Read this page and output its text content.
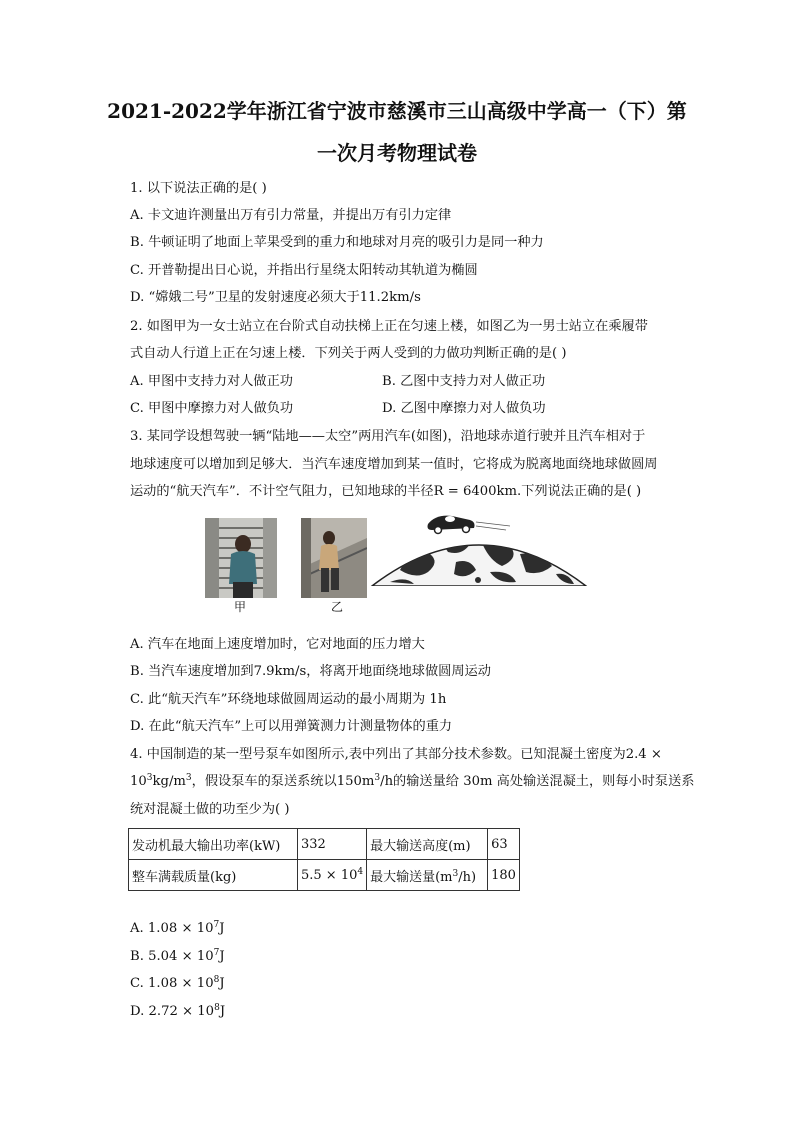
2021-2022学年浙江省宁波市慈溪市三山高级中学高一（下）第
一次月考物理试卷
1. 以下说法正确的是( )
A. 卡文迪许测量出万有引力常量，并提出万有引力定律
B. 牛顿证明了地面上苹果受到的重力和地球对月亮的吸引力是同一种力
C. 开普勒提出日心说，并指出行星绕太阳转动其轨道为椭圆
D. “嫦娥二号”卫星的发射速度必须大于11.2km/s
2. 如图甲为一女士站立在台阶式自动扶梯上正在匀速上楼，如图乙为一男士站立在乘履带
式自动人行道上正在匀速上楼．下列关于两人受到的力做功判断正确的是( )
A. 甲图中支持力对人做正功	B. 乙图中支持力对人做正功
C. 甲图中摩擦力对人做负功	D. 乙图中摩擦力对人做负功
3. 某同学设想驾驶一辆“陆地——太空”两用汽车(如图)，沿地球赤道行驶并且汽车相对于
地球速度可以增加到足够大．当汽车速度增加到某一值时，它将成为脱离地面绕地球做圆周
运动的“航天汽车”．不计空气阻力，已知地球的半径R = 6400km.下列说法正确的是( )
甲	乙
A. 汽车在地面上速度增加时，它对地面的压力增大
B. 当汽车速度增加到7.9km/s，将离开地面绕地球做圆周运动
C. 此“航天汽车”环绕地球做圆周运动的最小周期为 1h
D. 在此“航天汽车”上可以用弹簧测力计测量物体的重力
4. 中国制造的某一型号泵车如图所示,表中列出了其部分技术参数。已知混凝土密度为2.4 ×
$10^3kg/m^3$，假设泵车的泵送系统以$150m^3/h$的输送量给 30m 高处输送混凝土，则每小时泵送系
统对混凝土做的功至少为( )
发动机最大输出功率(kW)	332	最大输送高度(m)	63
整车满载质量(kg)	$5.5 \times 10^4$	最大输送量$(m^3/h)$	180
A. $1.08 \times 10^7J$
B. $5.04 \times 10^7J$
C. $1.08 \times 10^8J$
D. $2.72 \times 10^8J$
